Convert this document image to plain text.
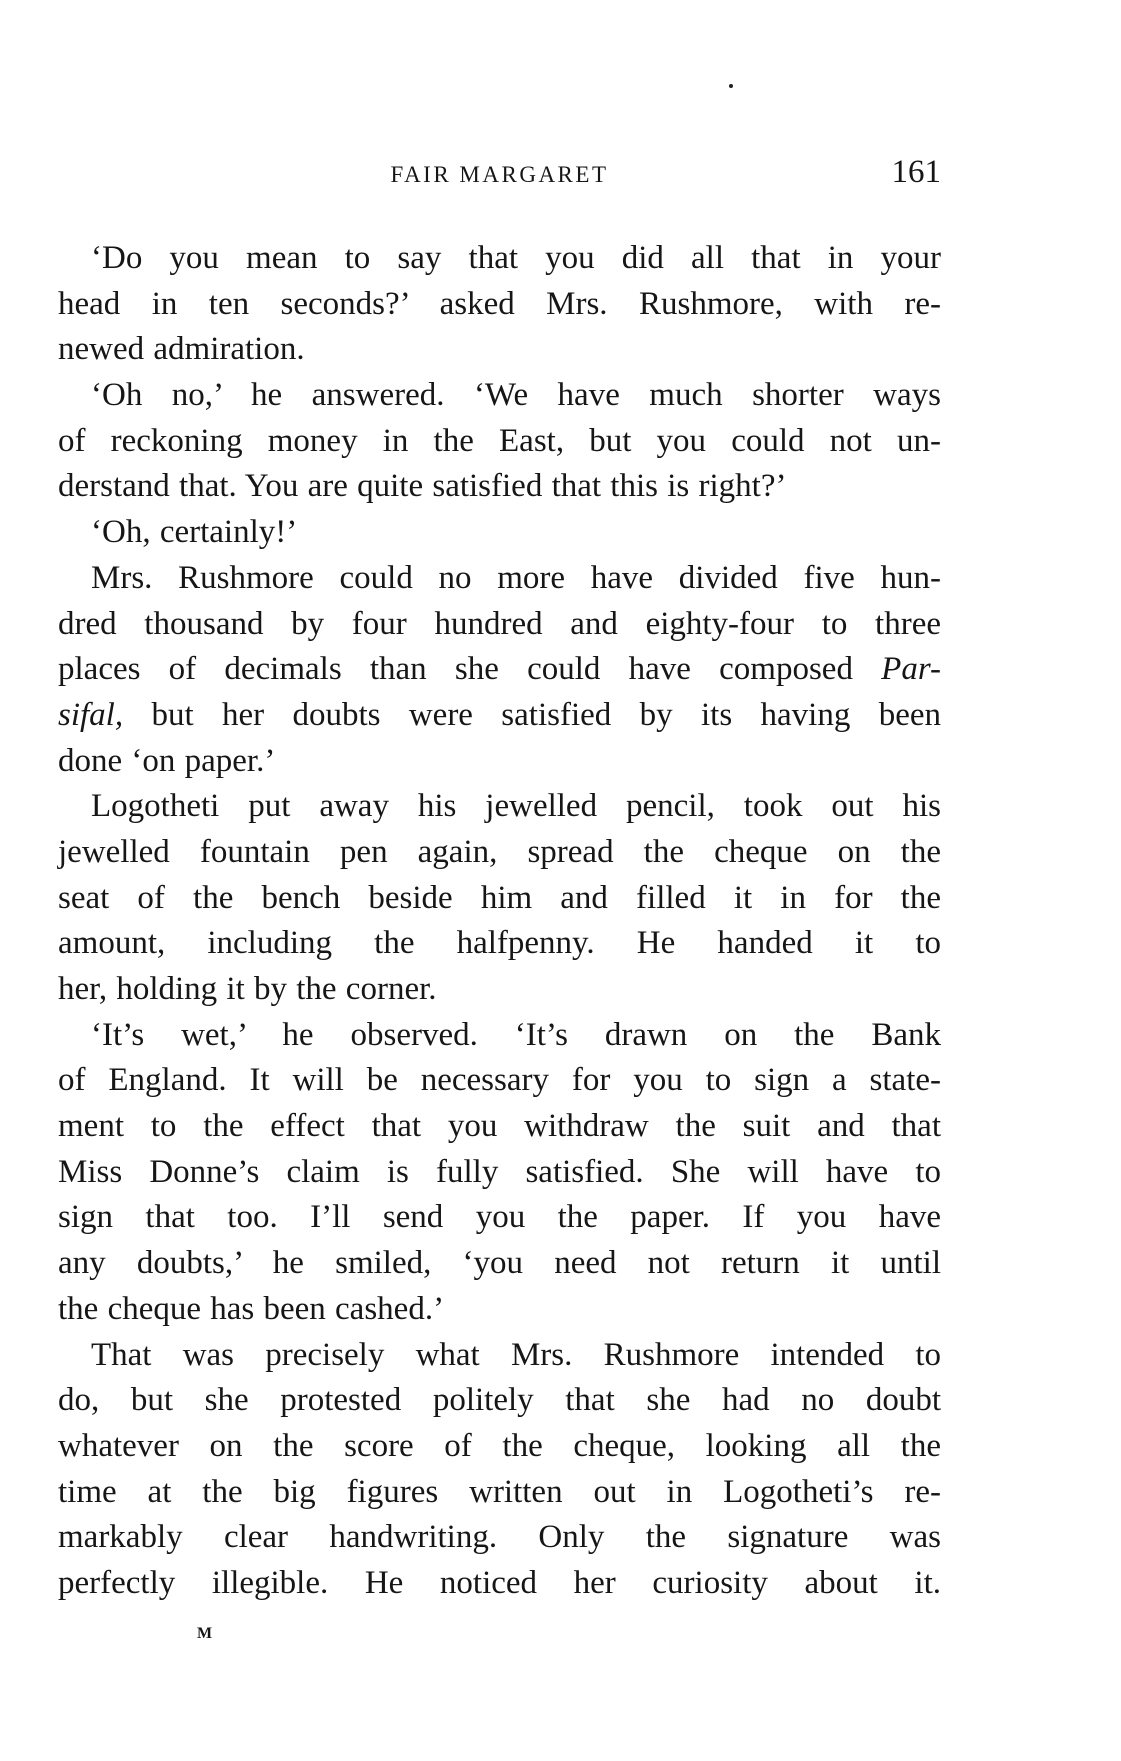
FAIR MARGARET	161
‘Do you mean to say that you did all that in your
head in ten seconds?’ asked Mrs. Rushmore, with re-
newed admiration.
‘Oh no,’ he answered. ‘We have much shorter ways
of reckoning money in the East, but you could not un-
derstand that. You are quite satisfied that this is right?’
‘Oh, certainly!’
Mrs. Rushmore could no more have divided five hun-
dred thousand by four hundred and eighty-four to three
places of decimals than she could have composed Par-
sifal, but her doubts were satisfied by its having been
done ‘on paper.’
Logotheti put away his jewelled pencil, took out his
jewelled fountain pen again, spread the cheque on the
seat of the bench beside him and filled it in for the
amount, including the halfpenny. He handed it to
her, holding it by the corner.
‘It’s wet,’ he observed. ‘It’s drawn on the Bank
of England. It will be necessary for you to sign a state-
ment to the effect that you withdraw the suit and that
Miss Donne’s claim is fully satisfied. She will have to
sign that too. I’ll send you the paper. If you have
any doubts,’ he smiled, ‘you need not return it until
the cheque has been cashed.’
That was precisely what Mrs. Rushmore intended to
do, but she protested politely that she had no doubt
whatever on the score of the cheque, looking all the
time at the big figures written out in Logotheti’s re-
markably clear handwriting. Only the signature was
perfectly illegible. He noticed her curiosity about it.
M
